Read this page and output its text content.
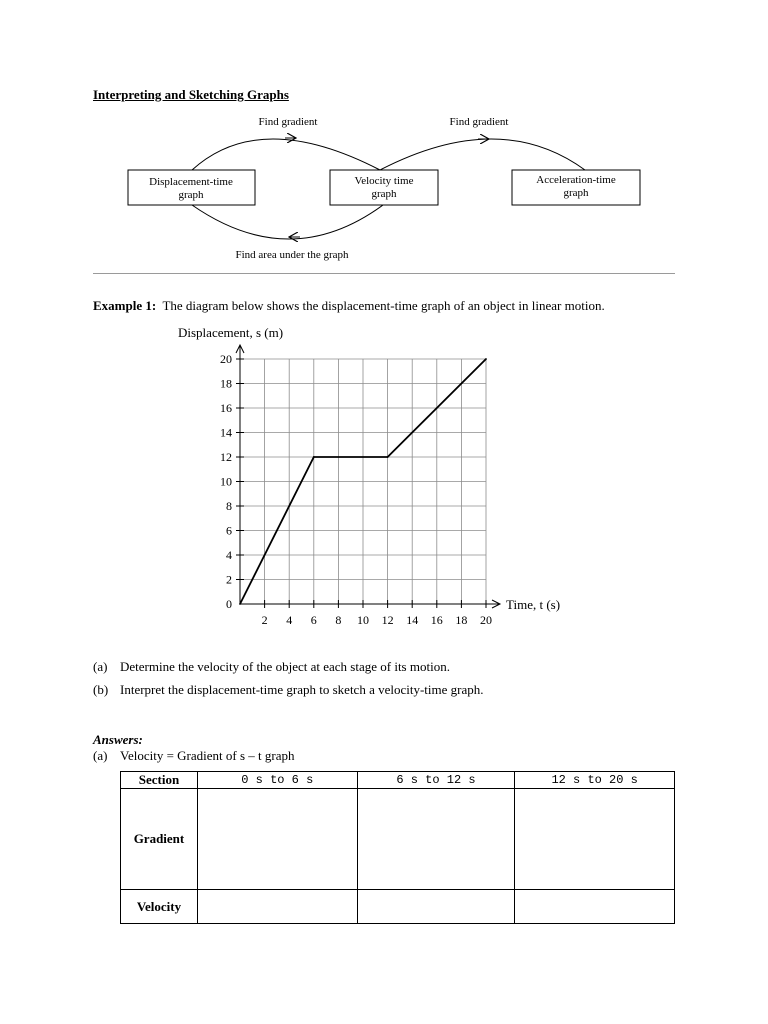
Interpreting and Sketching Graphs
Displacement-time
graph
Velocity time
graph
Acceleration-time
graph
Find gradient	Find gradient
Find area under the graph
Example 1: The diagram below shows the displacement-time graph of an object in linear motion.
0
2
4
6
8
10
12
14
16
18
20
2 4 6 8 10 12 14 16 18 20
Displacement, s (m)
Time, t (s)
(a) Determine the velocity of the object at each stage of its motion.
(b) Interpret the displacement-time graph to sketch a velocity-time graph.
Answers:
(a) Velocity = Gradient of s – t graph
Section	0 s to 6 s	6 s to 12 s	12 s to 20 s
Gradient			
Velocity			
